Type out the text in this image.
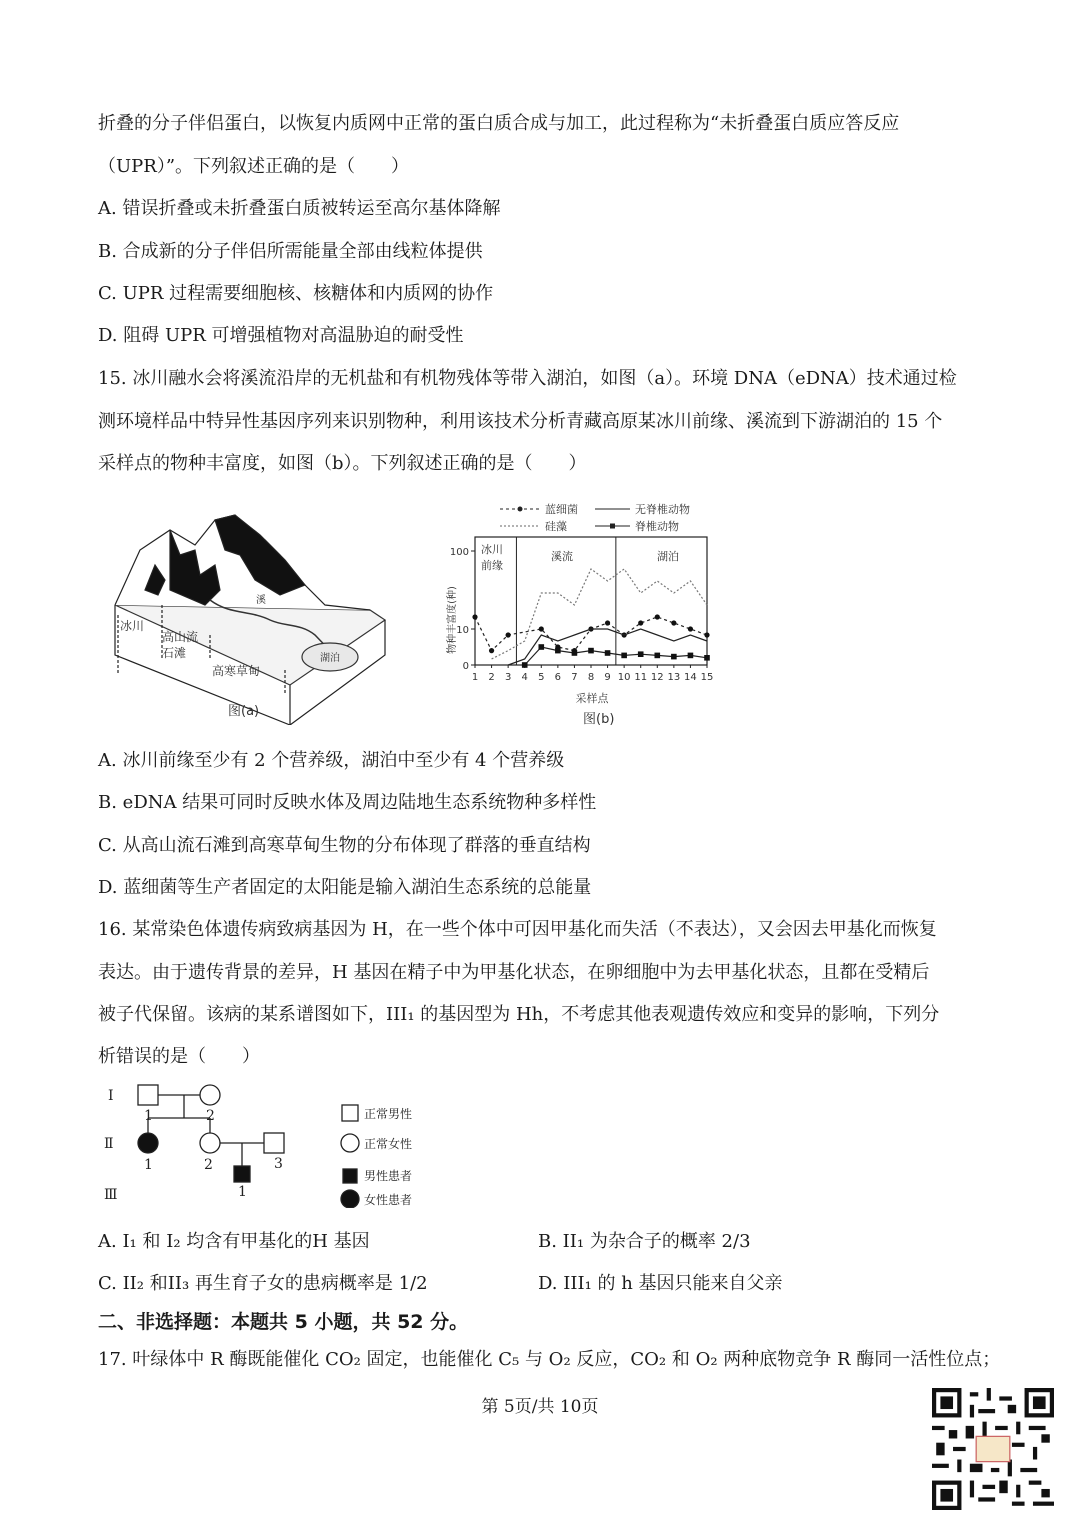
折叠的分子伴侣蛋白，以恢复内质网中正常的蛋白质合成与加工，此过程称为“未折叠蛋白质应答反应
（UPR）”。下列叙述正确的是（　　）
A. 错误折叠或未折叠蛋白质被转运至高尔基体降解
B. 合成新的分子伴侣所需能量全部由线粒体提供
C. UPR 过程需要细胞核、核糖体和内质网的协作
D. 阻碍 UPR 可增强植物对高温胁迫的耐受性
15. 冰川融水会将溪流沿岸的无机盐和有机物残体等带入湖泊，如图（a）。环境 DNA（eDNA）技术通过检
测环境样品中特异性基因序列来识别物种，利用该技术分析青藏高原某冰川前缘、溪流到下游湖泊的 15 个
采样点的物种丰富度，如图（b）。下列叙述正确的是（　　）
冰川
高山流
石滩
高寒草甸
溪
湖泊
图(a)
蓝细菌
硅藻
无脊椎动物
脊椎动物
冰川
前缘
溪流	湖泊
物种丰富度(种)
采样点
图(b)
0
10
100
1 2 3 4 5 6 7 8 9 10 11 12 13 14 15
A. 冰川前缘至少有 2 个营养级，湖泊中至少有 4 个营养级
B. eDNA 结果可同时反映水体及周边陆地生态系统物种多样性
C. 从高山流石滩到高寒草甸生物的分布体现了群落的垂直结构
D. 蓝细菌等生产者固定的太阳能是输入湖泊生态系统的总能量
16. 某常染色体遗传病致病基因为 H，在一些个体中可因甲基化而失活（不表达），又会因去甲基化而恢复
表达。由于遗传背景的差异，H 基因在精子中为甲基化状态，在卵细胞中为去甲基化状态，且都在受精后
被子代保留。该病的某系谱图如下，III₁ 的基因型为 Hh，不考虑其他表观遗传效应和变异的影响，下列分
析错误的是（　　）
I
Ⅱ
Ⅲ
1	2
1	2	3
1
正常男性
正常女性
男性患者
女性患者
A. I₁ 和 I₂ 均含有甲基化的H 基因	B. II₁ 为杂合子的概率 2/3
C. II₂ 和II₃ 再生育子女的患病概率是 1/2	D. III₁ 的 h 基因只能来自父亲
二、非选择题：本题共 5 小题，共 52 分。
17. 叶绿体中 R 酶既能催化 CO₂ 固定，也能催化 C₅ 与 O₂ 反应，CO₂ 和 O₂ 两种底物竞争 R 酶同一活性位点；
第 5页/共 10页
